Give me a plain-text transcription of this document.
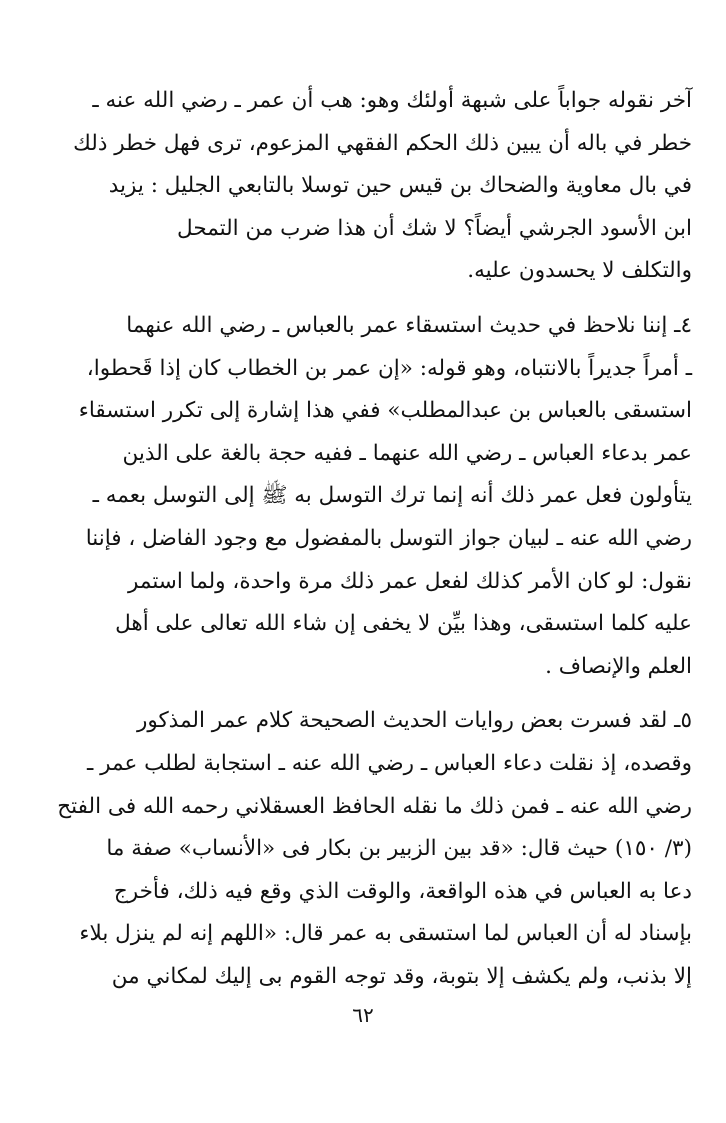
آخر نقوله جواباً على شبهة أولئك وهو: هب أن عمر ـ رضي الله عنه ـ

خطر في باله أن يبين ذلك الحكم الفقهي المزعوم، ترى فهل خطر ذلك

في بال معاوية والضحاك بن قيس حين توسلا بالتابعي الجليل : يزيد

ابن الأسود الجرشي أيضاً؟ لا شك أن هذا ضرب من التمحل

والتكلف لا يحسدون عليه.

٤ـ إننا نلاحظ في حديث استسقاء عمر بالعباس ـ رضي الله عنهما

ـ أمراً جديراً بالانتباه، وهو قوله: «إن عمر بن الخطاب كان إذا قَحطوا،

استسقى بالعباس بن عبدالمطلب» ففي هذا إشارة إلى تكرر استسقاء

عمر بدعاء العباس ـ رضي الله عنهما ـ ففيه حجة بالغة على الذين

يتأولون فعل عمر ذلك أنه إنما ترك التوسل به ﷺ إلى التوسل بعمه ـ

رضي الله عنه ـ لبيان جواز التوسل بالمفضول مع وجود الفاضل ، فإننا

نقول: لو كان الأمر كذلك لفعل عمر ذلك مرة واحدة، ولما استمر

عليه كلما استسقى، وهذا بيِّن لا يخفى إن شاء الله تعالى على أهل

العلم والإنصاف .

٥ـ لقد فسرت بعض روايات الحديث الصحيحة كلام عمر المذكور

وقصده، إذ نقلت دعاء العباس ـ رضي الله عنه ـ استجابة لطلب عمر ـ

رضي الله عنه ـ فمن ذلك ما نقله الحافظ العسقلاني رحمه الله فى الفتح

(٣/ ١٥٠) حيث قال: «قد بين الزبير بن بكار فى «الأنساب» صفة ما

دعا به العباس في هذه الواقعة، والوقت الذي وقع فيه ذلك، فأخرج

بإسناد له أن العباس لما استسقى به عمر قال: «اللهم إنه لم ينزل بلاء

إلا بذنب، ولم يكشف إلا بتوبة، وقد توجه القوم بى إليك لمكاني من

٦٢
